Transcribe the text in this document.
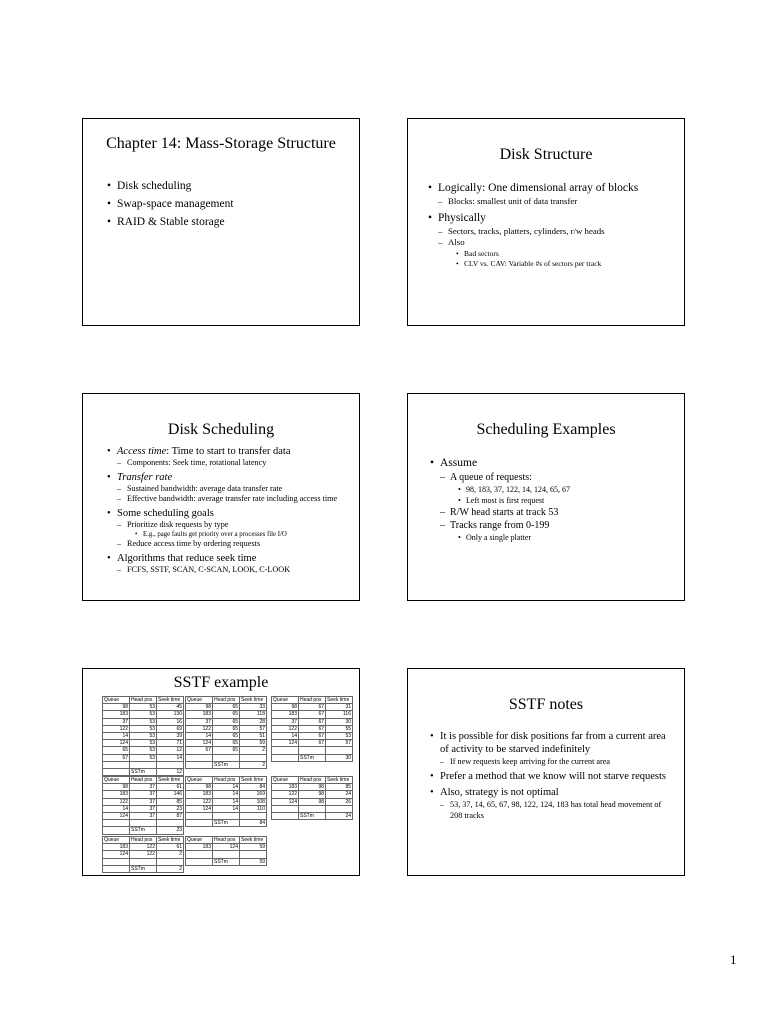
Chapter 14: Mass-Storage Structure
• Disk scheduling
• Swap-space management
• RAID & Stable storage
Disk Structure
• Logically: One dimensional array of blocks
– Blocks: smallest unit of data transfer
• Physically
– Sectors, tracks, platters, cylinders, r/w heads
– Also
• Bad sectors
• CLV vs. CAV: Variable #s of sectors per track
Disk Scheduling
• Access time: Time to start to transfer data
– Components: Seek time, rotational latency
• Transfer rate
– Sustained bandwidth: average data transfer rate
– Effective bandwidth: average transfer rate including access time
• Some scheduling goals
– Prioritize disk requests by type
• E.g., page faults get priority over a processes file I/O
– Reduce access time by ordering requests
• Algorithms that reduce seek time
– FCFS, SSTF, SCAN, C-SCAN, LOOK, C-LOOK
Scheduling Examples
• Assume
– A queue of requests:
• 98, 183, 37, 122, 14, 124, 65, 67
• Left most is first request
– R/W head starts at track 53
– Tracks range from 0-199
• Only a single platter
SSTF example
Queue	Head pos	Seek time
98	53	45
183	53	130
37	53	16
122	53	69
14	53	39
124	53	71
65	53	12
67	53	14

	SSTm	12
Queue	Head pos	Seek time
98	65	33
183	65	118
37	65	28
122	65	57
14	65	51
124	65	59
67	65	2

	SSTm	2
Queue	Head pos	Seek time
98	67	31
183	67	116
37	67	30
122	67	55
14	67	53
124	67	57

	SSTm	30
Queue	Head pos	Seek time
98	37	61
183	37	146
122	37	85
14	37	23
124	37	87

	SSTm	23
Queue	Head pos	Seek time
98	14	84
183	14	169
122	14	108
124	14	110

	SSTm	84
Queue	Head pos	Seek time
183	98	85
122	98	24
124	98	26

	SSTm	24
Queue	Head pos	Seek time
183	122	61
124	122	2

	SSTm	2
Queue	Head pos	Seek time
183	124	59

	SSTm	59
SSTF notes
• It is possible for disk positions far from a current area of activity to be starved indefinitely
– If new requests keep arriving for the current area
• Prefer a method that we know will not starve requests
• Also, strategy is not optimal
– 53, 37, 14, 65, 67, 98, 122, 124, 183 has total head movement of 208 tracks
1
